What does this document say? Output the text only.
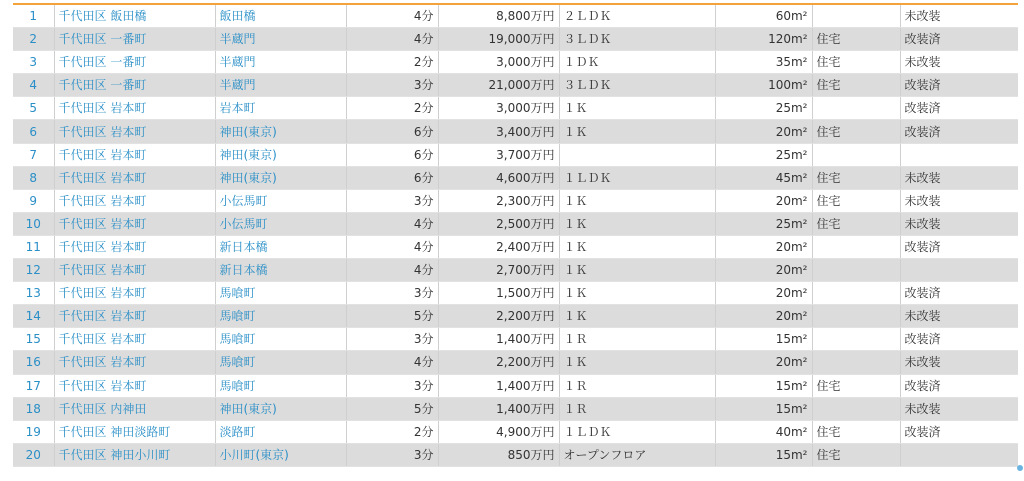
1	千代田区 飯田橋	飯田橋	4分	8,800万円	２ＬＤＫ	60m²		未改装
2	千代田区 一番町	半蔵門	4分	19,000万円	３ＬＤＫ	120m²	住宅	改装済
3	千代田区 一番町	半蔵門	2分	3,000万円	１ＤＫ	35m²	住宅	未改装
4	千代田区 一番町	半蔵門	3分	21,000万円	３ＬＤＫ	100m²	住宅	改装済
5	千代田区 岩本町	岩本町	2分	3,000万円	１Ｋ	25m²		改装済
6	千代田区 岩本町	神田(東京)	6分	3,400万円	１Ｋ	20m²	住宅	改装済
7	千代田区 岩本町	神田(東京)	6分	3,700万円		25m²		
8	千代田区 岩本町	神田(東京)	6分	4,600万円	１ＬＤＫ	45m²	住宅	未改装
9	千代田区 岩本町	小伝馬町	3分	2,300万円	１Ｋ	20m²	住宅	未改装
10	千代田区 岩本町	小伝馬町	4分	2,500万円	１Ｋ	25m²	住宅	未改装
11	千代田区 岩本町	新日本橋	4分	2,400万円	１Ｋ	20m²		改装済
12	千代田区 岩本町	新日本橋	4分	2,700万円	１Ｋ	20m²		
13	千代田区 岩本町	馬喰町	3分	1,500万円	１Ｋ	20m²		改装済
14	千代田区 岩本町	馬喰町	5分	2,200万円	１Ｋ	20m²		未改装
15	千代田区 岩本町	馬喰町	3分	1,400万円	１Ｒ	15m²		改装済
16	千代田区 岩本町	馬喰町	4分	2,200万円	１Ｋ	20m²		未改装
17	千代田区 岩本町	馬喰町	3分	1,400万円	１Ｒ	15m²	住宅	改装済
18	千代田区 内神田	神田(東京)	5分	1,400万円	１Ｒ	15m²		未改装
19	千代田区 神田淡路町	淡路町	2分	4,900万円	１ＬＤＫ	40m²	住宅	改装済
20	千代田区 神田小川町	小川町(東京)	3分	850万円	オープンフロア	15m²	住宅	
